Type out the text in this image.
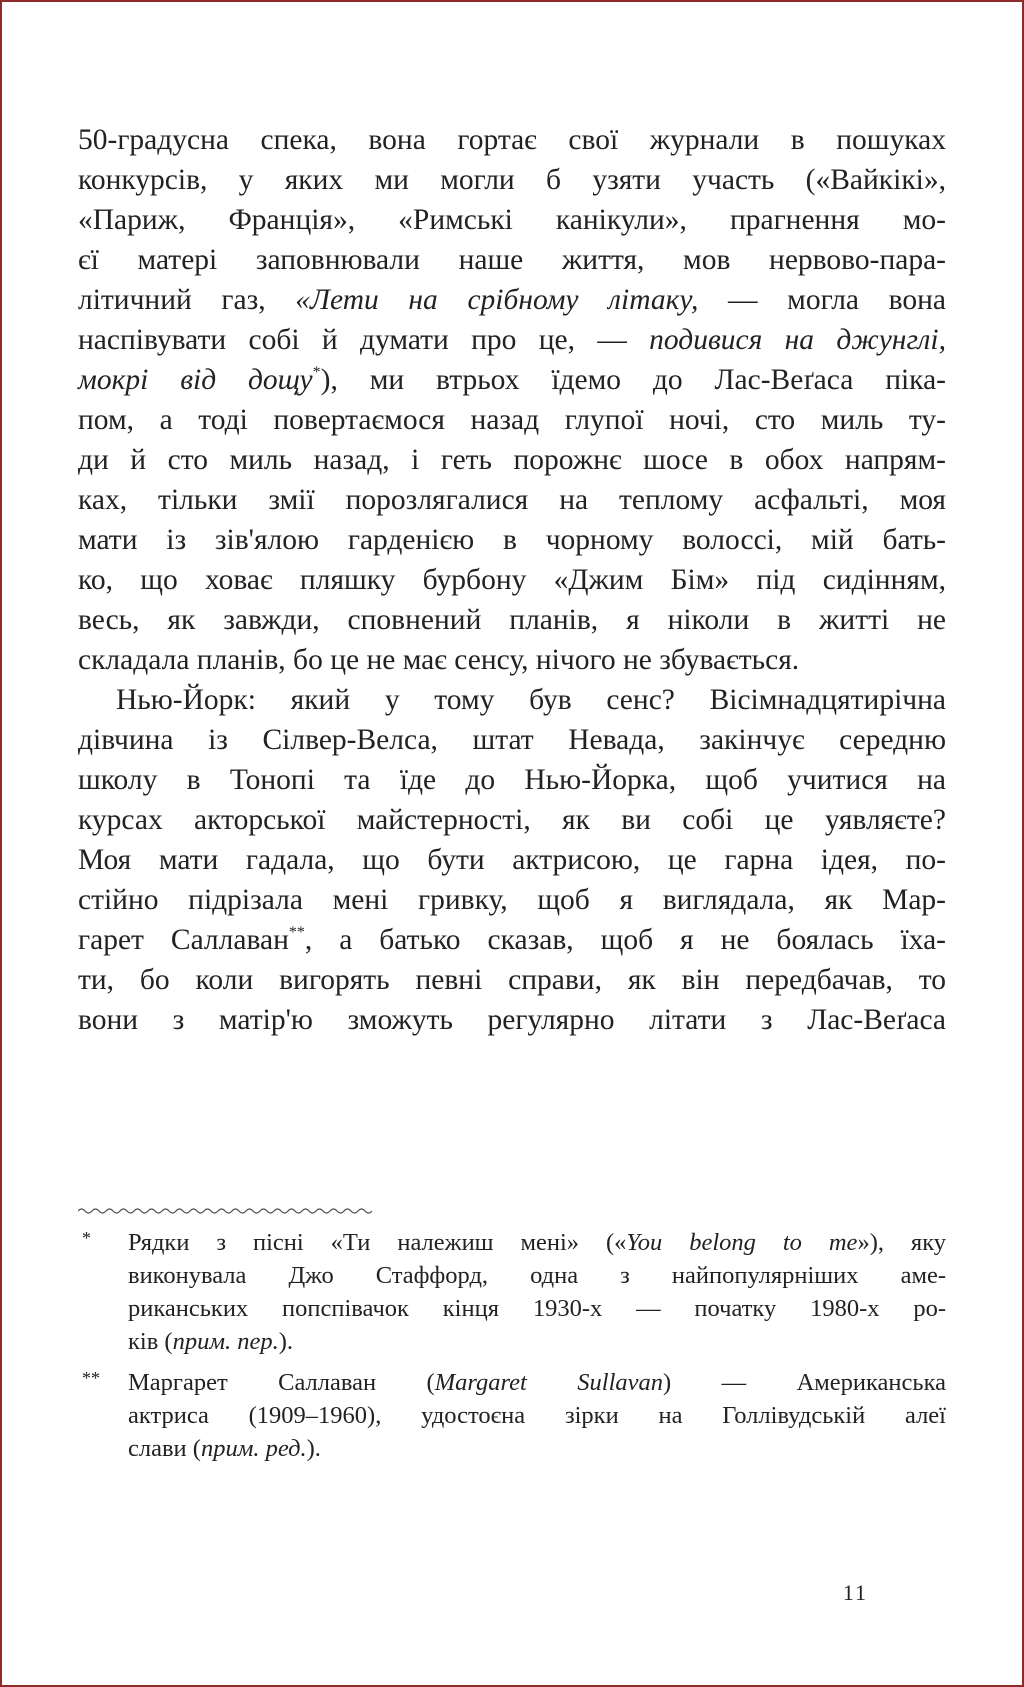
50-градусна спека, вона гортає свої журнали в пошуках
конкурсів, у яких ми могли б узяти участь («Вайкікі»,
«Париж, Франція», «Римські канікули», прагнення мо-
єї матері заповнювали наше життя, мов нервово-пара-
літичний газ, «Лети на срібному літаку, — могла вона
наспівувати собі й думати про це, — подивися на джунглі,
мокрі від дощу*), ми втрьох їдемо до Лас-Веґаса піка-
пом, а тоді повертаємося назад глупої ночі, сто миль ту-
ди й сто миль назад, і геть порожнє шосе в обох напрям-
ках, тільки змії порозлягалися на теплому асфальті, моя
мати із зів'ялою гарденією в чорному волоссі, мій бать-
ко, що ховає пляшку бурбону «Джим Бім» під сидінням,
весь, як завжди, сповнений планів, я ніколи в житті не
складала планів, бо це не має сенсу, нічого не збувається.
Нью-Йорк: який у тому був сенс? Вісімнадцятирічна
дівчина із Сілвер-Велса, штат Невада, закінчує середню
школу в Тонопі та їде до Нью-Йорка, щоб учитися на
курсах акторської майстерності, як ви собі це уявляєте?
Моя мати гадала, що бути актрисою, це гарна ідея, по-
стійно підрізала мені гривку, щоб я виглядала, як Мар-
гарет Саллаван**, а батько сказав, щоб я не боялась їха-
ти, бо коли вигорять певні справи, як він передбачав, то
вони з матір'ю зможуть регулярно літати з Лас-Веґаса
* Рядки з пісні «Ти належиш мені» («You belong to me»), яку
виконувала Джо Стаффорд, одна з найпопулярніших аме-
риканських попспівачок кінця 1930-х — початку 1980-х ро-
ків (прим. пер.).
** Маргарет Саллаван (Margaret Sullavan) — Американська
актриса (1909–1960), удостоєна зірки на Голлівудській алеї
слави (прим. ред.).
11
